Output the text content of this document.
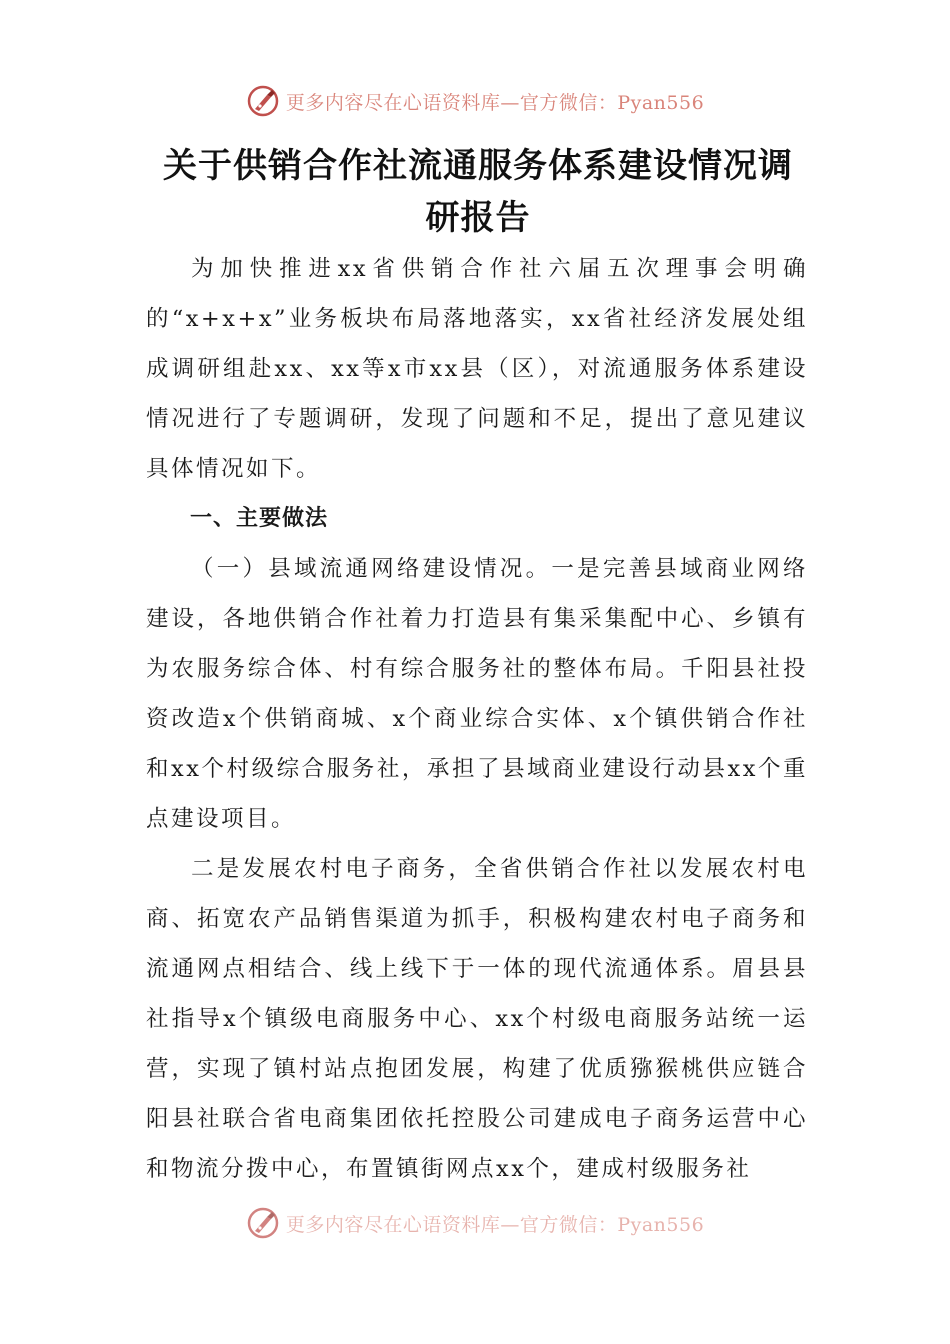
更多内容尽在心语资料库—官方微信：Pyan556
关于供销合作社流通服务体系建设情况调研报告

为加快推进xx省供销合作社六届五次理事会明确的“x+x+x”业务板块布局落地落实，xx省社经济发展处组成调研组赴xx、xx等x市xx县（区），对流通服务体系建设情况进行了专题调研，发现了问题和不足，提出了意见建议具体情况如下。

一、主要做法

（一）县域流通网络建设情况。一是完善县域商业网络建设，各地供销合作社着力打造县有集采集配中心、乡镇有为农服务综合体、村有综合服务社的整体布局。千阳县社投资改造x个供销商城、x个商业综合实体、x个镇供销合作社和xx个村级综合服务社，承担了县域商业建设行动县xx个重点建设项目。

二是发展农村电子商务，全省供销合作社以发展农村电商、拓宽农产品销售渠道为抓手，积极构建农村电子商务和流通网点相结合、线上线下于一体的现代流通体系。眉县县社指导x个镇级电商服务中心、xx个村级电商服务站统一运营，实现了镇村站点抱团发展，构建了优质猕猴桃供应链合阳县社联合省电商集团依托控股公司建成电子商务运营中心和物流分拨中心，布置镇街网点xx个，建成村级服务社

更多内容尽在心语资料库—官方微信：Pyan556
